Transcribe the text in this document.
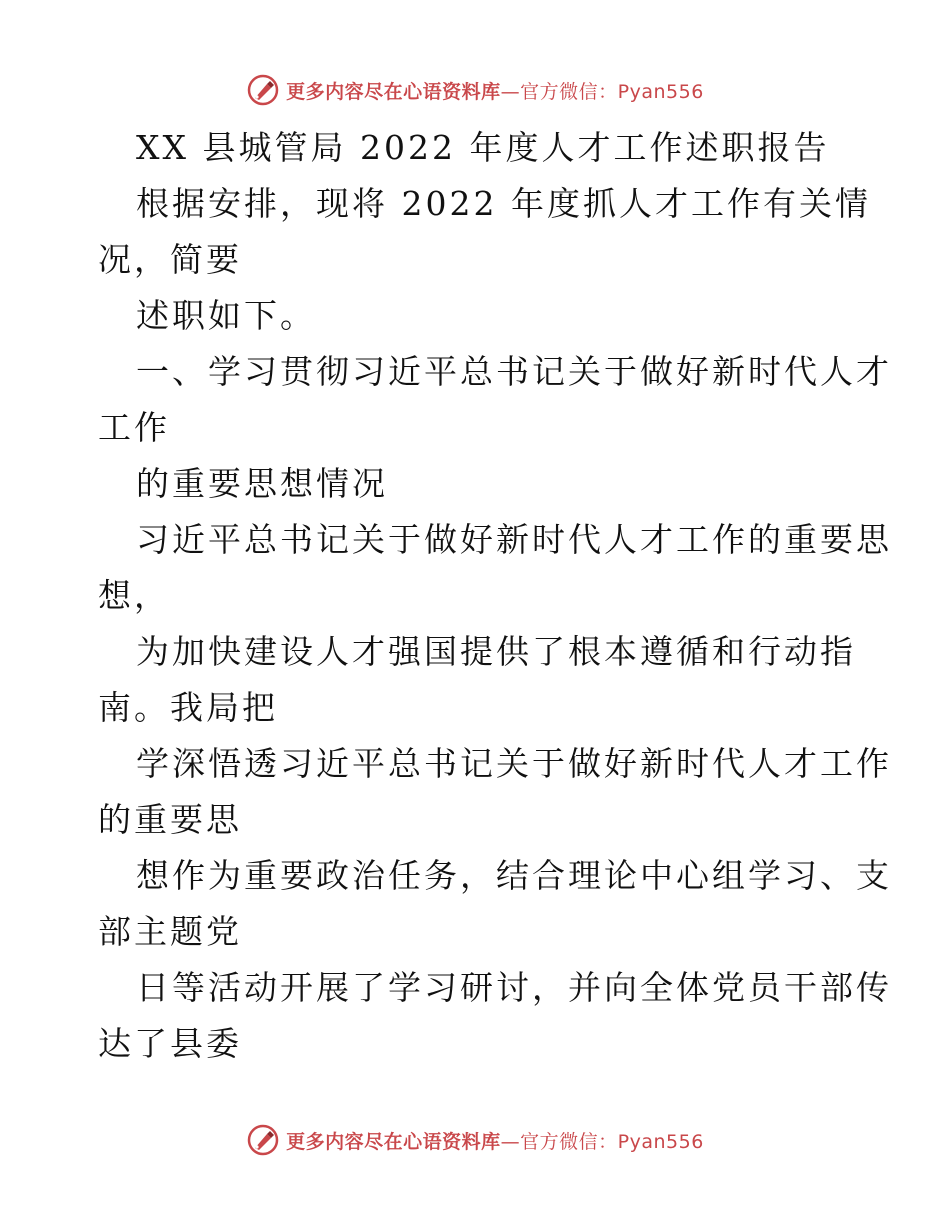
更多内容尽在心语资料库—官方微信：Pyan556
XX 县城管局 2022 年度人才工作述职报告
根据安排，现将 2022 年度抓人才工作有关情
况，简要
述职如下。
一、学习贯彻习近平总书记关于做好新时代人才
工作
的重要思想情况
习近平总书记关于做好新时代人才工作的重要思
想，
为加快建设人才强国提供了根本遵循和行动指
南。我局把
学深悟透习近平总书记关于做好新时代人才工作
的重要思
想作为重要政治任务，结合理论中心组学习、支
部主题党
日等活动开展了学习研讨，并向全体党员干部传
达了县委
更多内容尽在心语资料库—官方微信：Pyan556
